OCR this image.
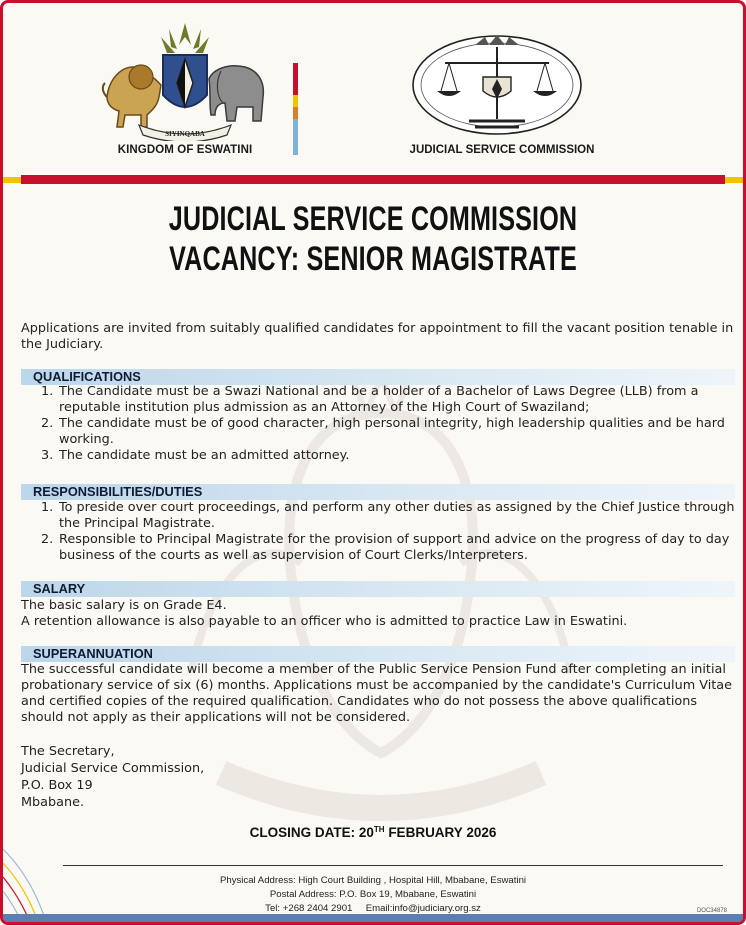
SIYINQABA
KINGDOM OF ESWATINI	JUDICIAL SERVICE COMMISSION
JUDICIAL SERVICE COMMISSION
VACANCY: SENIOR MAGISTRATE
Applications are invited from suitably qualified candidates for appointment to fill the vacant position tenable in the Judiciary.
QUALIFICATIONS
1. The Candidate must be a Swazi National and be a holder of a Bachelor of Laws Degree (LLB) from a reputable institution plus admission as an Attorney of the High Court of Swaziland;
2. The candidate must be of good character, high personal integrity, high leadership qualities and be hard working.
3. The candidate must be an admitted attorney.
RESPONSIBILITIES/DUTIES
1. To preside over court proceedings, and perform any other duties as assigned by the Chief Justice through the Principal Magistrate.
2. Responsible to Principal Magistrate for the provision of support and advice on the progress of day to day business of the courts as well as supervision of Court Clerks/Interpreters.
SALARY
The basic salary is on Grade E4.
A retention allowance is also payable to an officer who is admitted to practice Law in Eswatini.
SUPERANNUATION
The successful candidate will become a member of the Public Service Pension Fund after completing an initial probationary service of six (6) months. Applications must be accompanied by the candidate's Curriculum Vitae and certified copies of the required qualification. Candidates who do not possess the above qualifications should not apply as their applications will not be considered.
The Secretary,
Judicial Service Commission,
P.O. Box 19
Mbabane.
CLOSING DATE: 20TH FEBRUARY 2026
Physical Address: High Court Building , Hospital Hill, Mbabane, Eswatini
Postal Address: P.O. Box 19, Mbabane, Eswatini
Tel: +268 2404 2901     Email:info@judiciary.org.sz	DOC34878
